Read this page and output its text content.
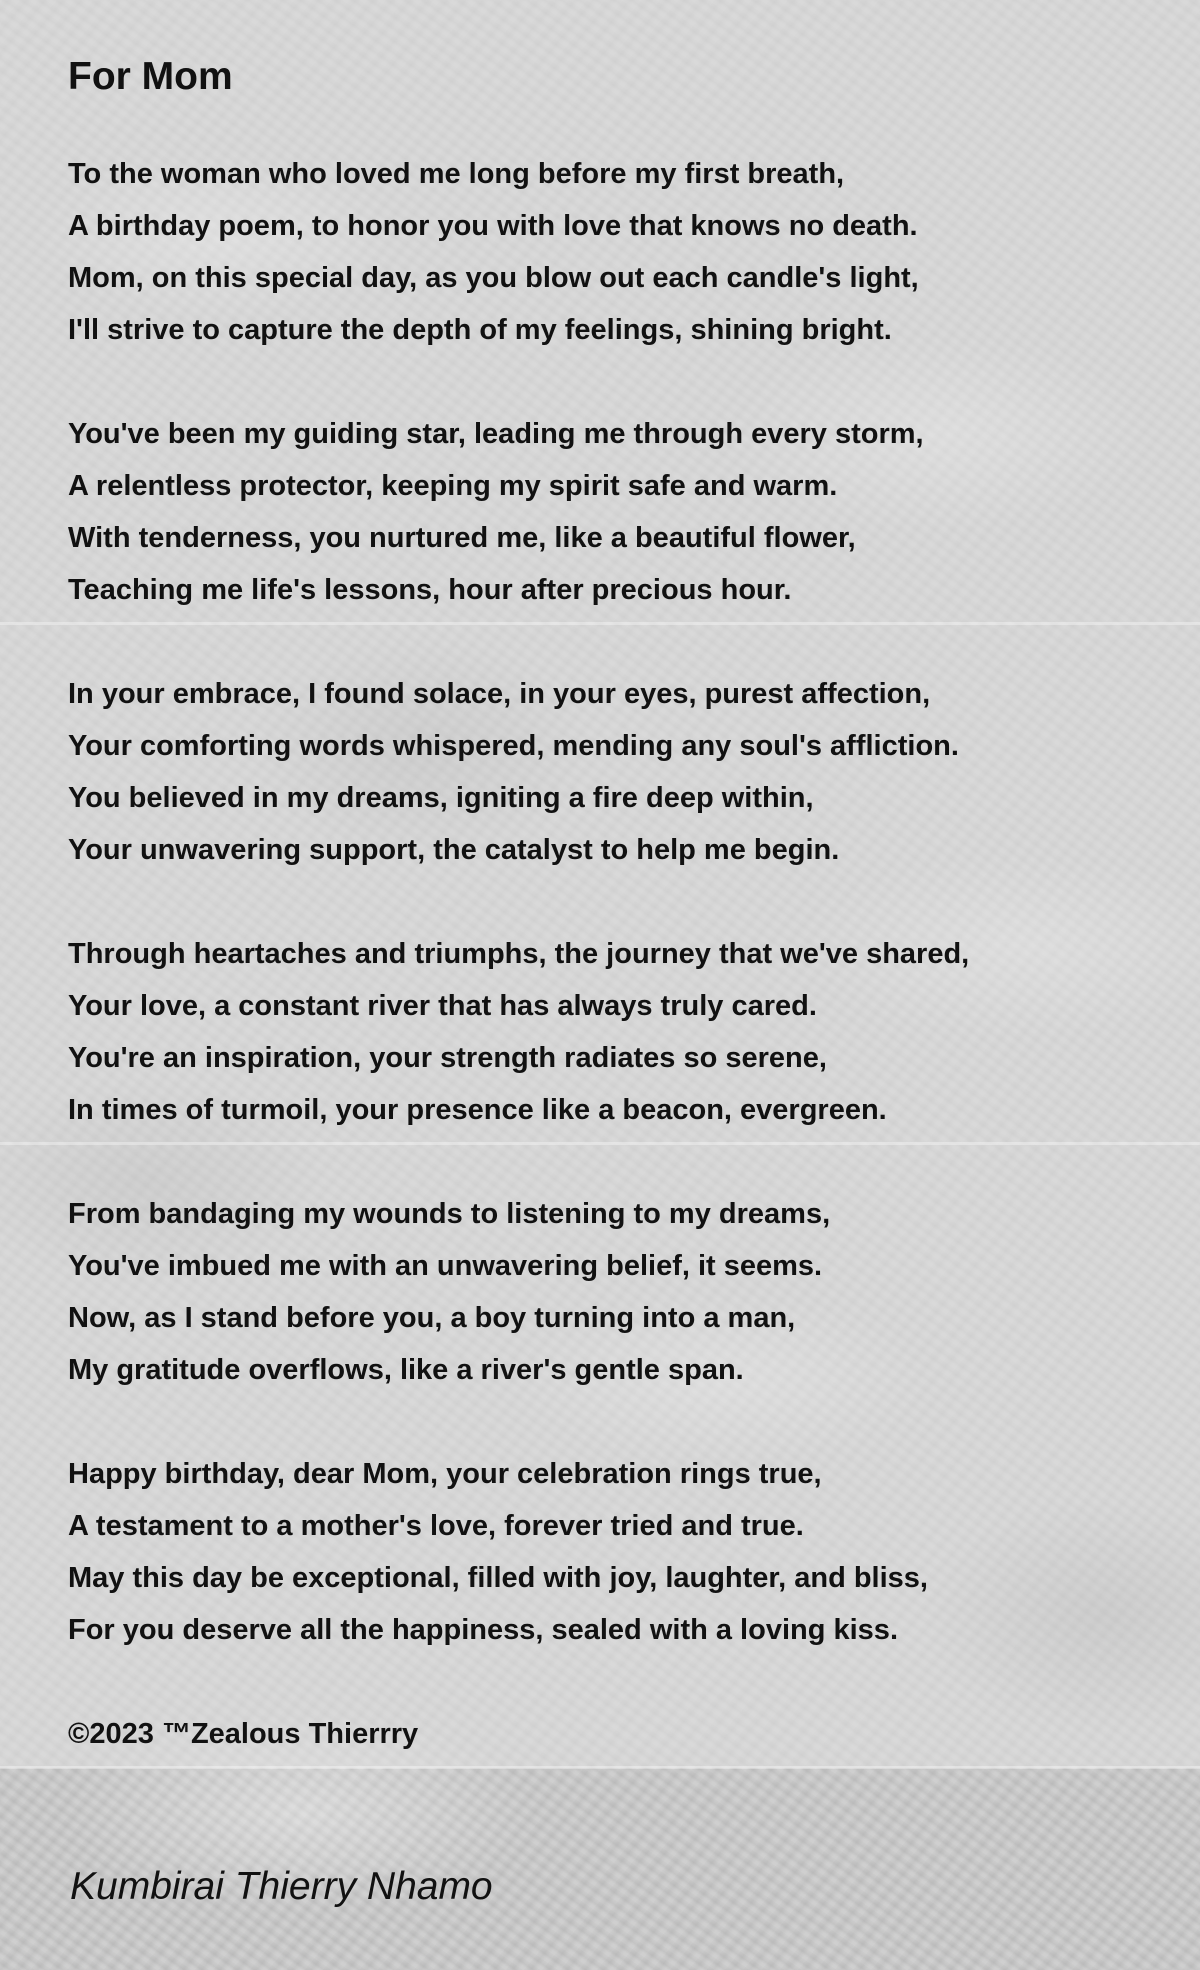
For Mom
To the woman who loved me long before my first breath,
A birthday poem, to honor you with love that knows no death.
Mom, on this special day, as you blow out each candle's light,
I'll strive to capture the depth of my feelings, shining bright.
You've been my guiding star, leading me through every storm,
A relentless protector, keeping my spirit safe and warm.
With tenderness, you nurtured me, like a beautiful flower,
Teaching me life's lessons, hour after precious hour.
In your embrace, I found solace, in your eyes, purest affection,
Your comforting words whispered, mending any soul's affliction.
You believed in my dreams, igniting a fire deep within,
Your unwavering support, the catalyst to help me begin.
Through heartaches and triumphs, the journey that we've shared,
Your love, a constant river that has always truly cared.
You're an inspiration, your strength radiates so serene,
In times of turmoil, your presence like a beacon, evergreen.
From bandaging my wounds to listening to my dreams,
You've imbued me with an unwavering belief, it seems.
Now, as I stand before you, a boy turning into a man,
My gratitude overflows, like a river's gentle span.
Happy birthday, dear Mom, your celebration rings true,
A testament to a mother's love, forever tried and true.
May this day be exceptional, filled with joy, laughter, and bliss,
For you deserve all the happiness, sealed with a loving kiss.
©2023 ™Zealous Thierrry
Kumbirai Thierry Nhamo
